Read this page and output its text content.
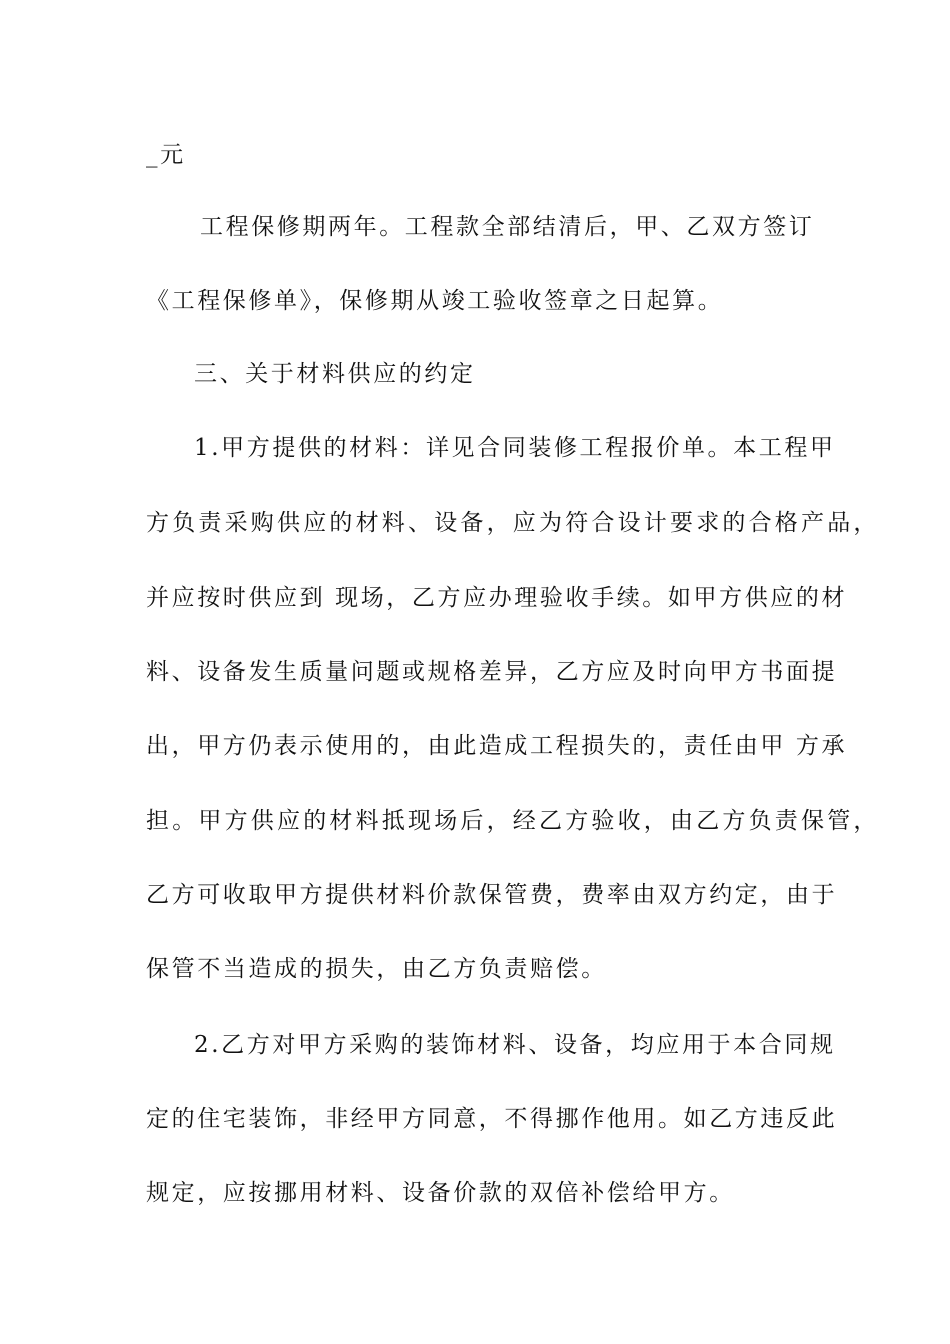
_元
工程保修期两年。工程款全部结清后，甲、乙双方签订
《工程保修单》，保修期从竣工验收签章之日起算。
三、关于材料供应的约定
1.甲方提供的材料：详见合同装修工程报价单。本工程甲
方负责采购供应的材料、设备，应为符合设计要求的合格产品，
并应按时供应到 现场，乙方应办理验收手续。如甲方供应的材
料、设备发生质量问题或规格差异，乙方应及时向甲方书面提
出，甲方仍表示使用的，由此造成工程损失的，责任由甲 方承
担。甲方供应的材料抵现场后，经乙方验收，由乙方负责保管，
乙方可收取甲方提供材料价款保管费，费率由双方约定，由于
保管不当造成的损失，由乙方负责赔偿。
2.乙方对甲方采购的装饰材料、设备，均应用于本合同规
定的住宅装饰，非经甲方同意，不得挪作他用。如乙方违反此
规定，应按挪用材料、设备价款的双倍补偿给甲方。
